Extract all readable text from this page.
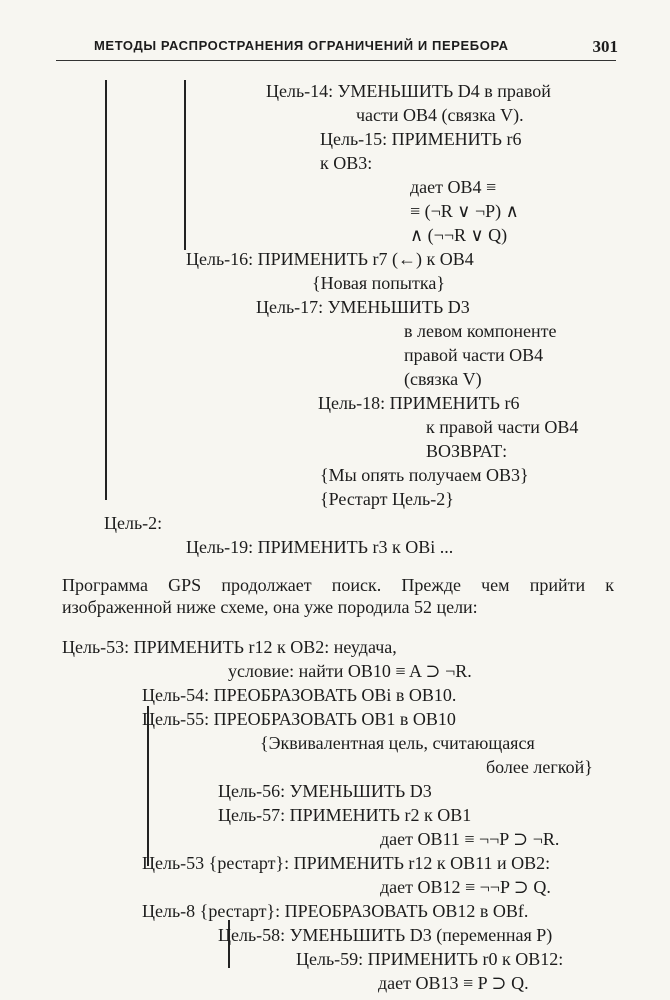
МЕТОДЫ РАСПРОСТРАНЕНИЯ ОГРАНИЧЕНИЙ И ПЕРЕБОРА	301
Цель-14: УМЕНЬШИТЬ D4 в правой
части OB4 (связка V).
Цель-15: ПРИМЕНИТЬ r6
к OB3:
дает OB4 ≡
≡ (¬R ∨ ¬P) ∧
∧ (¬¬R ∨ Q)
Цель-16: ПРИМЕНИТЬ r7 (←) к OB4
{Новая попытка}
Цель-17: УМЕНЬШИТЬ D3
в левом компоненте
правой части OB4
(связка V)
Цель-18: ПРИМЕНИТЬ r6
к правой части OB4
ВОЗВРАТ:
{Мы опять получаем OB3}
{Рестарт Цель-2}
Цель-2:
Цель-19: ПРИМЕНИТЬ r3 к OBi ...
Программа GPS продолжает поиск. Прежде чем прийти к изображенной ниже схеме, она уже породила 52 цели:
Цель-53: ПРИМЕНИТЬ r12 к OB2: неудача,
условие: найти OB10 ≡ A ⊃ ¬R.
Цель-54: ПРЕОБРАЗОВАТЬ OBi в OB10.
Цель-55: ПРЕОБРАЗОВАТЬ OB1 в OB10
{Эквивалентная цель, считающаяся
более легкой}
Цель-56: УМЕНЬШИТЬ D3
Цель-57: ПРИМЕНИТЬ r2 к OB1
дает OB11 ≡ ¬¬P ⊃ ¬R.
Цель-53 {рестарт}: ПРИМЕНИТЬ r12 к OB11 и OB2:
дает OB12 ≡ ¬¬P ⊃ Q.
Цель-8 {рестарт}: ПРЕОБРАЗОВАТЬ OB12 в OBf.
Цель-58: УМЕНЬШИТЬ D3 (переменная P)
Цель-59: ПРИМЕНИТЬ r0 к OB12:
дает OB13 ≡ P ⊃ Q.
